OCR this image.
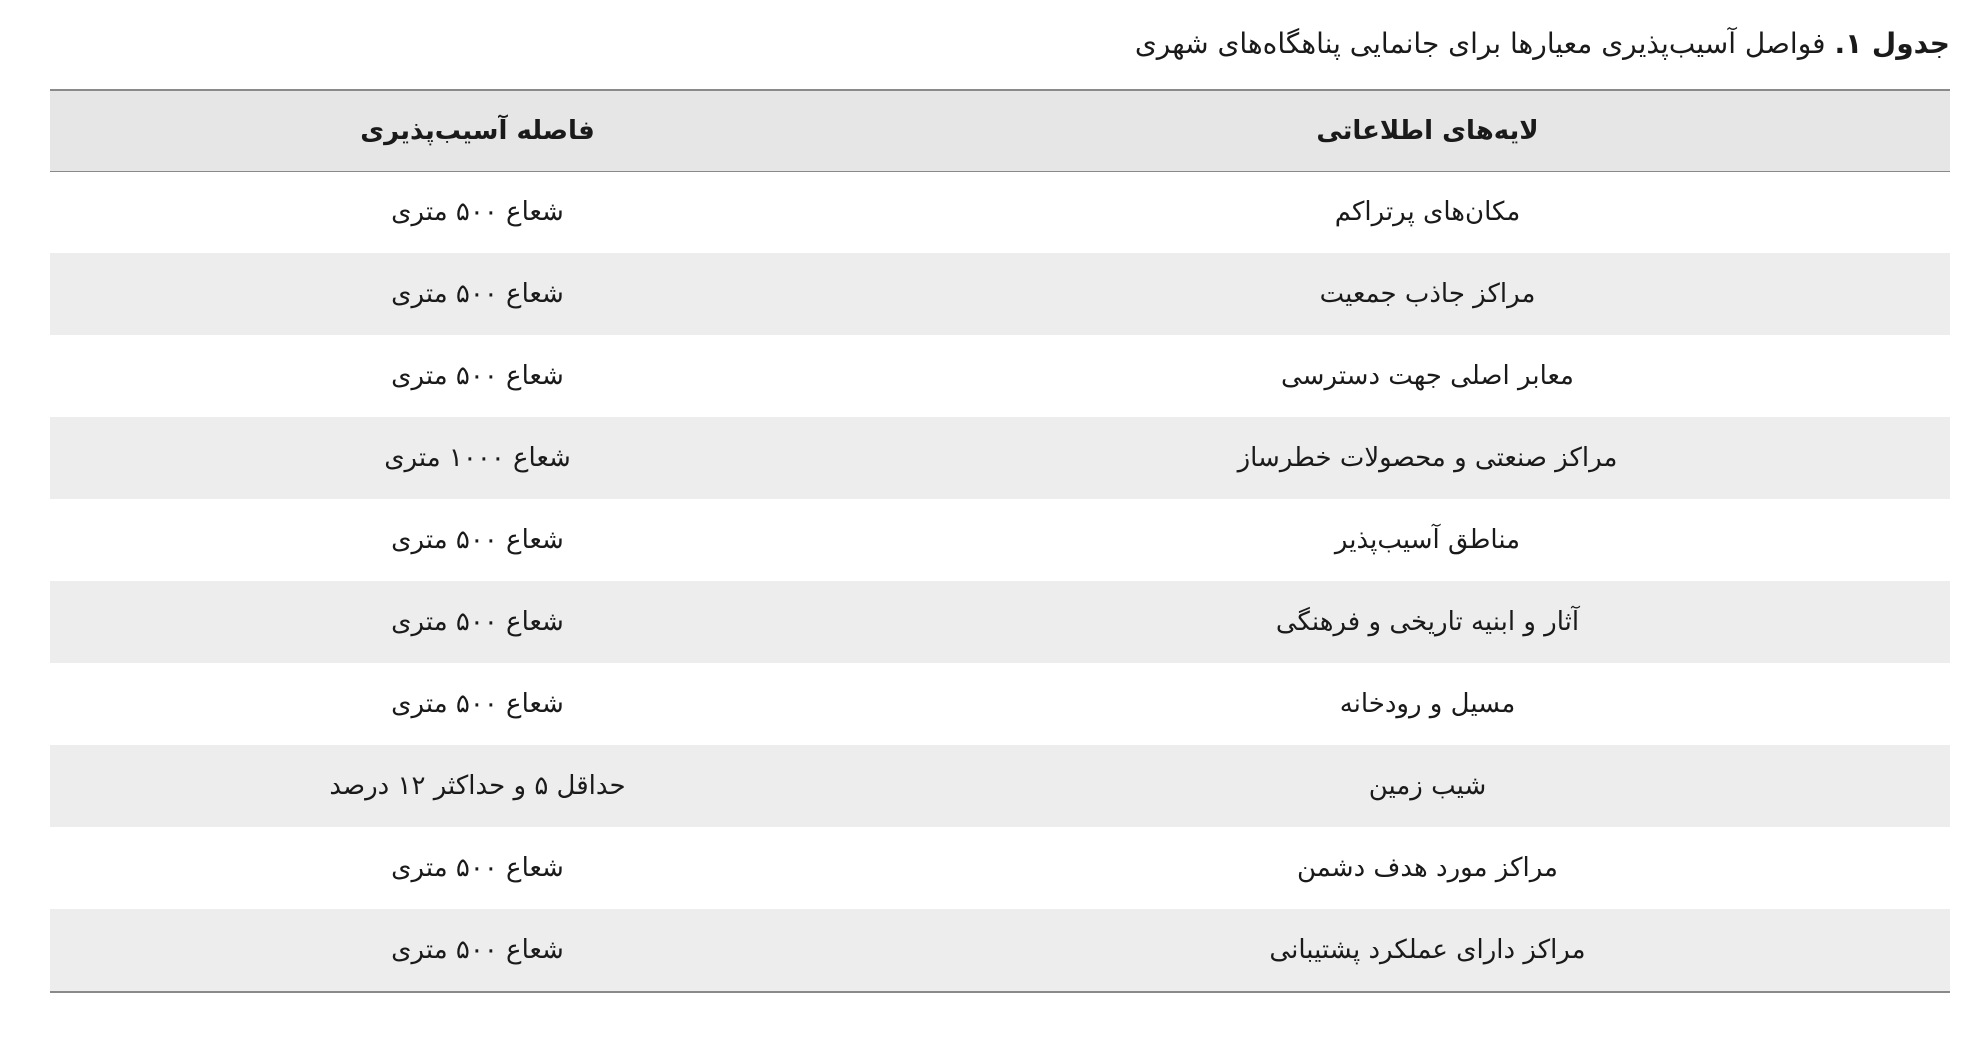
جدول ۱. فواصل آسیب‌پذیری معیارها برای جانمایی پناهگاه‌های شهری
لایه‌های اطلاعاتی	فاصله آسیب‌پذیری
مکان‌های پرتراکم	شعاع ۵۰۰ متری
مراکز جاذب جمعیت	شعاع ۵۰۰ متری
معابر اصلی جهت دسترسی	شعاع ۵۰۰ متری
مراکز صنعتی و محصولات خطرساز	شعاع ۱۰۰۰ متری
مناطق آسیب‌پذیر	شعاع ۵۰۰ متری
آثار و ابنیه تاریخی و فرهنگی	شعاع ۵۰۰ متری
مسیل و رودخانه	شعاع ۵۰۰ متری
شیب زمین	حداقل ۵ و حداکثر ۱۲ درصد
مراکز مورد هدف دشمن	شعاع ۵۰۰ متری
مراکز دارای عملکرد پشتیبانی	شعاع ۵۰۰ متری
